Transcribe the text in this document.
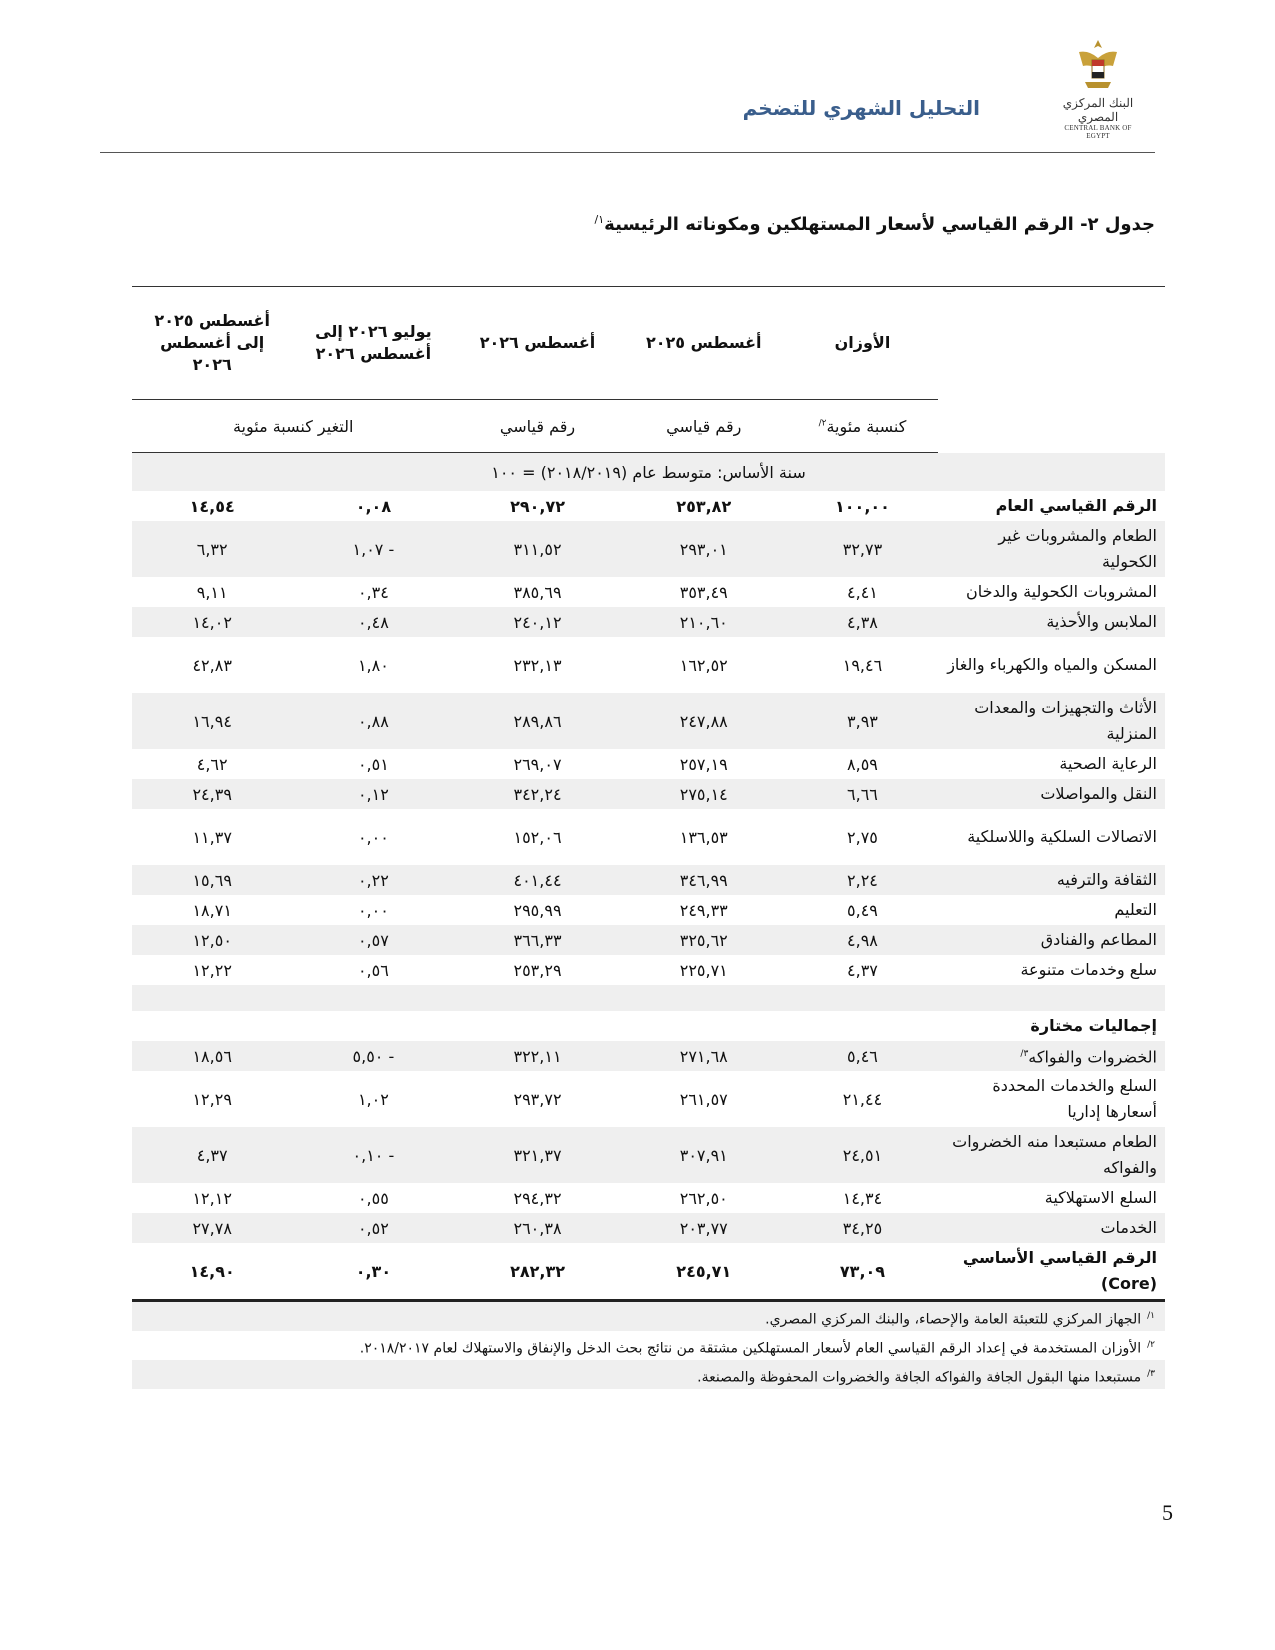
البنك المركزي المصري
CENTRAL BANK OF EGYPT
التحليل الشهري للتضخم
جدول ٢- الرقم القياسي لأسعار المستهلكين ومكوناته الرئيسية$^{١/}$
	الأوزان	أغسطس ٢٠٢٥	أغسطس ٢٠٢٦	يوليو ٢٠٢٦ إلى أغسطس ٢٠٢٦	أغسطس ٢٠٢٥ إلى أغسطس ٢٠٢٦
	كنسبة مئوية$^{٢/}$	رقم قياسي	رقم قياسي	التغير كنسبة مئوية	
سنة الأساس: متوسط عام (٢٠١٨/٢٠١٩) = ١٠٠					
الرقم القياسي العام	١٠٠,٠٠	٢٥٣,٨٢	٢٩٠,٧٢	٠,٠٨	١٤,٥٤
الطعام والمشروبات غير الكحولية	٣٢,٧٣	٢٩٣,٠١	٣١١,٥٢	- ١,٠٧	٦,٣٢
المشروبات الكحولية والدخان	٤,٤١	٣٥٣,٤٩	٣٨٥,٦٩	٠,٣٤	٩,١١
الملابس والأحذية	٤,٣٨	٢١٠,٦٠	٢٤٠,١٢	٠,٤٨	١٤,٠٢
المسكن والمياه والكهرباء والغاز	١٩,٤٦	١٦٢,٥٢	٢٣٢,١٣	١,٨٠	٤٢,٨٣
الأثاث والتجهيزات والمعدات المنزلية	٣,٩٣	٢٤٧,٨٨	٢٨٩,٨٦	٠,٨٨	١٦,٩٤
الرعاية الصحية	٨,٥٩	٢٥٧,١٩	٢٦٩,٠٧	٠,٥١	٤,٦٢
النقل والمواصلات	٦,٦٦	٢٧٥,١٤	٣٤٢,٢٤	٠,١٢	٢٤,٣٩
الاتصالات السلكية واللاسلكية	٢,٧٥	١٣٦,٥٣	١٥٢,٠٦	٠,٠٠	١١,٣٧
الثقافة والترفيه	٢,٢٤	٣٤٦,٩٩	٤٠١,٤٤	٠,٢٢	١٥,٦٩
التعليم	٥,٤٩	٢٤٩,٣٣	٢٩٥,٩٩	٠,٠٠	١٨,٧١
المطاعم والفنادق	٤,٩٨	٣٢٥,٦٢	٣٦٦,٣٣	٠,٥٧	١٢,٥٠
سلع وخدمات متنوعة	٤,٣٧	٢٢٥,٧١	٢٥٣,٢٩	٠,٥٦	١٢,٢٢

إجماليات مختارة					
الخضروات والفواكه$^{٣/}$	٥,٤٦	٢٧١,٦٨	٣٢٢,١١	- ٥,٥٠	١٨,٥٦
السلع والخدمات المحددة أسعارها إداريا	٢١,٤٤	٢٦١,٥٧	٢٩٣,٧٢	١,٠٢	١٢,٢٩
الطعام مستبعدا منه الخضروات والفواكه	٢٤,٥١	٣٠٧,٩١	٣٢١,٣٧	- ٠,١٠	٤,٣٧
السلع الاستهلاكية	١٤,٣٤	٢٦٢,٥٠	٢٩٤,٣٢	٠,٥٥	١٢,١٢
الخدمات	٣٤,٢٥	٢٠٣,٧٧	٢٦٠,٣٨	٠,٥٢	٢٧,٧٨
الرقم القياسي الأساسي (Core)	٧٣,٠٩	٢٤٥,٧١	٢٨٢,٣٢	٠,٣٠	١٤,٩٠
$^{١/}$الجهاز المركزي للتعبئة العامة والإحصاء، والبنك المركزي المصري.
$^{٢/}$الأوزان المستخدمة في إعداد الرقم القياسي العام لأسعار المستهلكين مشتقة من نتائج بحث الدخل والإنفاق والاستهلاك لعام ٢٠١٨/٢٠١٧.
$^{٣/}$مستبعدا منها البقول الجافة والفواكه الجافة والخضروات المحفوظة والمصنعة.
5
